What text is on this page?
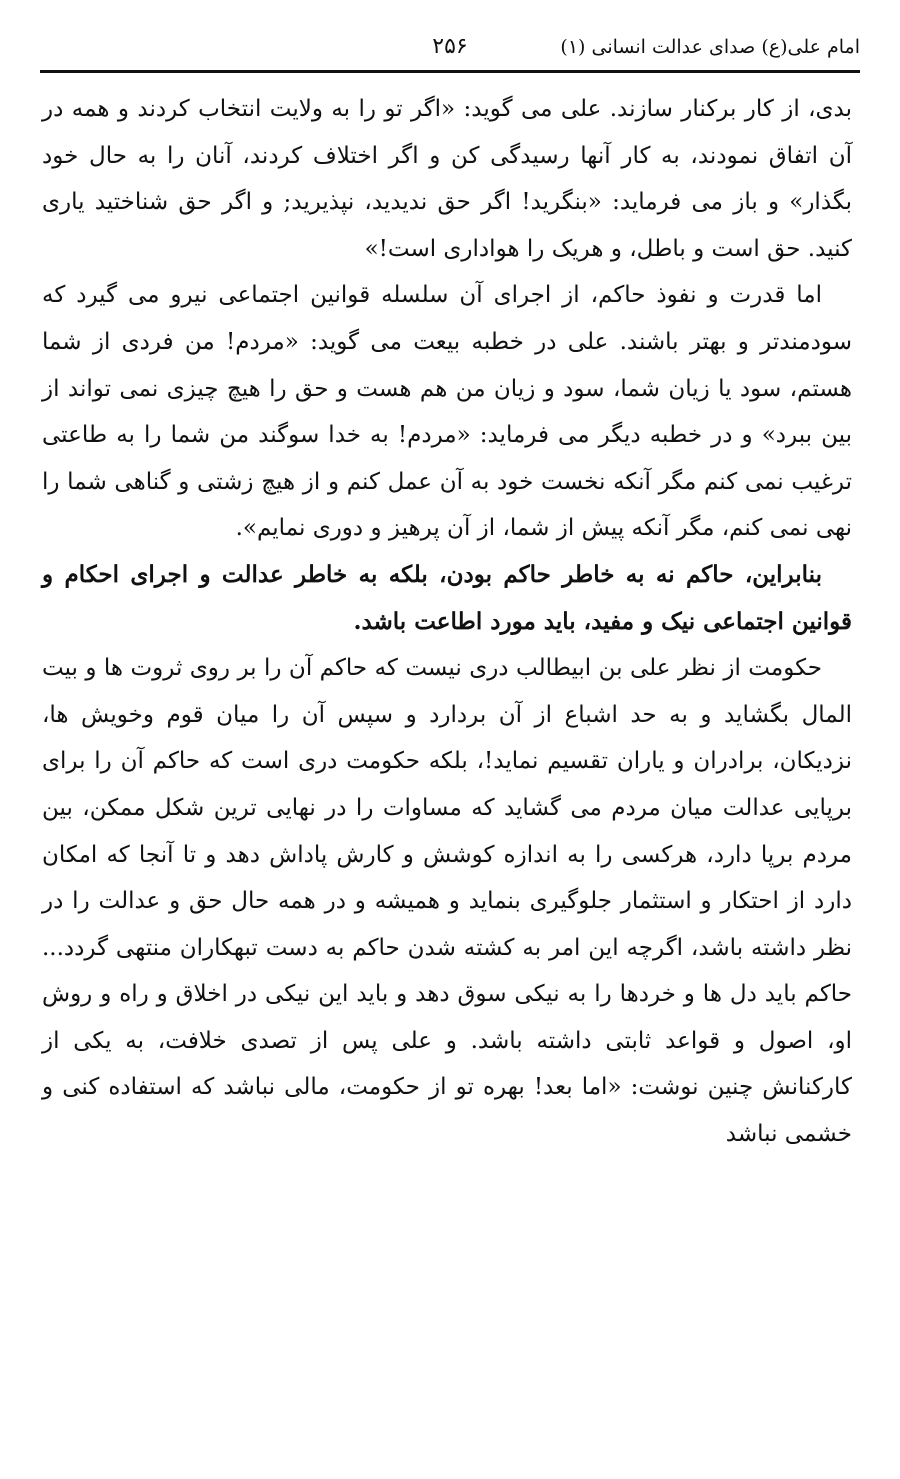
امام علی(ع) صدای عدالت انسانی (۱)
۲۵۶

بدی، از کار برکنار سازند. علی می گوید: «اگر تو را به ولایت انتخاب کردند و همه در آن اتفاق نمودند، به کار آنها رسیدگی کن و اگر اختلاف کردند، آنان را به حال خود بگذار» و باز می فرماید: «بنگرید! اگر حق ندیدید، نپذیرید; و اگر حق شناختید یاری کنید. حق است و باطل، و هریک را هواداری است!»

اما قدرت و نفوذ حاکم، از اجرای آن سلسله قوانین اجتماعی نیرو می گیرد که سودمندتر و بهتر باشند. علی در خطبه بیعت می گوید: «مردم! من فردی از شما هستم، سود یا زیان شما، سود و زیان من هم هست و حق را هیچ چیزی نمی تواند از بین ببرد» و در خطبه دیگر می فرماید: «مردم! به خدا سوگند من شما را به طاعتی ترغیب نمی کنم مگر آنکه نخست خود به آن عمل کنم و از هیچ زشتی و گناهی شما را نهی نمی کنم، مگر آنکه پیش از شما، از آن پرهیز و دوری نمایم».

بنابراین، حاکم نه به خاطر حاکم بودن، بلکه به خاطر عدالت و اجرای احکام و قوانین اجتماعی نیک و مفید، باید مورد اطاعت باشد.

حکومت از نظر علی بن ابیطالب دری نیست که حاکم آن را بر روی ثروت ها و بیت المال بگشاید و به حد اشباع از آن بردارد و سپس آن را میان قوم وخویش ها، نزدیکان، برادران و یاران تقسیم نماید!، بلکه حکومت دری است که حاکم آن را برای برپایی عدالت میان مردم می گشاید که مساوات را در نهایی ترین شکل ممکن، بین مردم برپا دارد، هرکسی را به اندازه کوشش و کارش پاداش دهد و تا آنجا که امکان دارد از احتکار و استثمار جلوگیری بنماید و همیشه و در همه حال حق و عدالت را در نظر داشته باشد، اگرچه این امر به کشته شدن حاکم به دست تبهکاران منتهی گردد... حاکم باید دل ها و خردها را به نیکی سوق دهد و باید این نیکی در اخلاق و راه و روش او، اصول و قواعد ثابتی داشته باشد. و علی پس از تصدی خلافت، به یکی از کارکنانش چنین نوشت: «اما بعد! بهره تو از حکومت، مالی نباشد که استفاده کنی و خشمی نباشد
